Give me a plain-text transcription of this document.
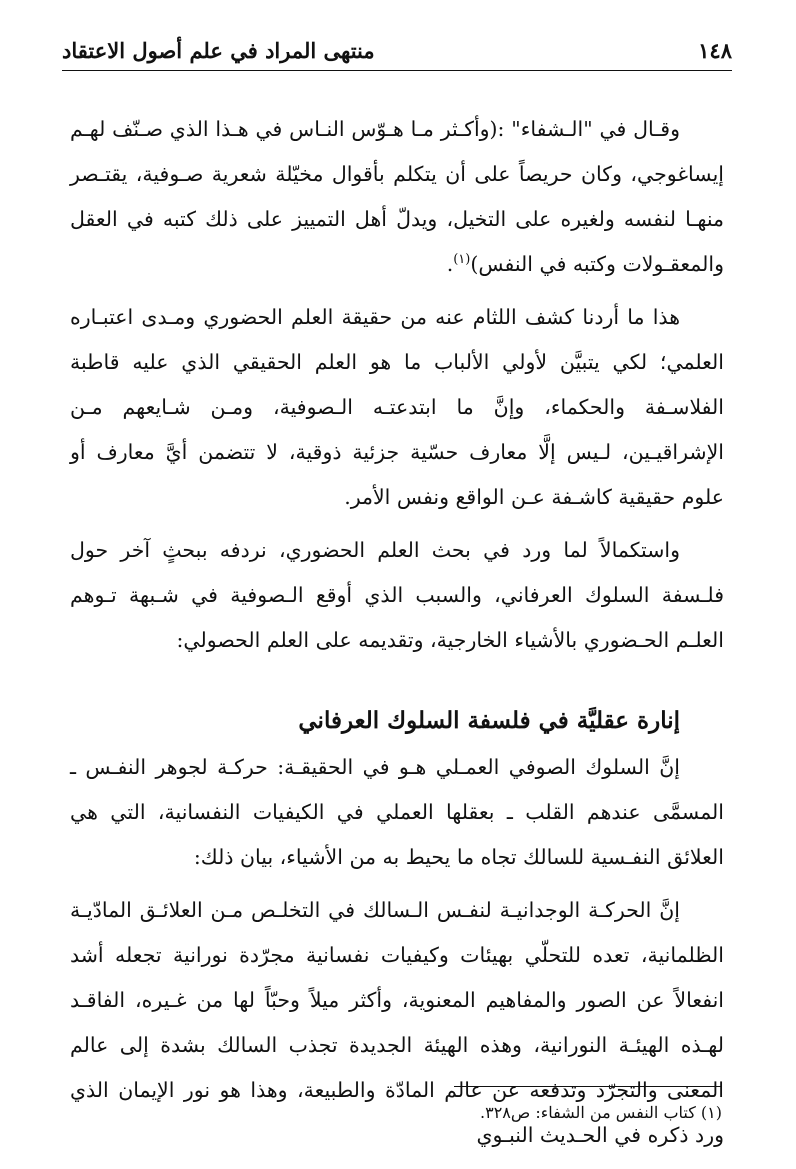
١٤٨
منتهى المراد في علم أصول الاعتقاد

وقـال في "الـشفاء" :(وأكـثر مـا هـوّس النـاس في هـذا الذي صـنّف لهـم إيساغوجي، وكان حريصاً على أن يتكلم بأقوال مخيّلة شعرية صـوفية، يقتـصر منهـا لنفسه ولغيره على التخيل، ويدلّ أهل التمييز على ذلك كتبه في العقل والمعقـولات وكتبه في النفس)$^{(١)}$.

هذا ما أردنا كشف اللثام عنه من حقيقة العلم الحضوري ومـدى اعتبـاره العلمي؛ لكي يتبيَّن لأولي الألباب ما هو العلم الحقيقي الذي عليه قاطبة الفلاسـفة والحكماء، وإنَّ ما ابتدعتـه الـصوفية، ومـن شـايعهم مـن الإشراقيـين، لـيس إلَّا معارف حسّية جزئية ذوقية، لا تتضمن أيَّ معارف أو علوم حقيقية كاشـفة عـن الواقع ونفس الأمر.

واستكمالاً لما ورد في بحث العلم الحضوري، نردفه ببحثٍ آخر حول فلـسفة السلوك العرفاني، والسبب الذي أوقع الـصوفية في شـبهة تـوهم العلـم الحـضوري بالأشياء الخارجية، وتقديمه على العلم الحصولي:

إنارة عقليَّة في فلسفة السلوك العرفاني

إنَّ السلوك الصوفي العمـلي هـو في الحقيقـة: حركـة لجوهر النفـس ـ المسمَّى عندهم القلب ـ بعقلها العملي في الكيفيات النفسانية، التي هي العلائق النفـسية للسالك تجاه ما يحيط به من الأشياء، بيان ذلك:

إنَّ الحركـة الوجدانيـة لنفـس الـسالك في التخلـص مـن العلائـق المادّيـة الظلمانية، تعده للتحلّي بهيئات وكيفيات نفسانية مجرّدة نورانية تجعله أشد انفعالاً عن الصور والمفاهيم المعنوية، وأكثر ميلاً وحبّاً لها من غـيره، الفاقـد لهـذه الهيئـة النورانية، وهذه الهيئة الجديدة تجذب السالك بشدة إلى عالم المعنى والتجرّد وتدفعه عن عالم المادّة والطبيعة، وهذا هو نور الإيمان الذي ورد ذكره في الحـديث النبـوي

(١) كتاب النفس من الشفاء: ص٣٢٨.
